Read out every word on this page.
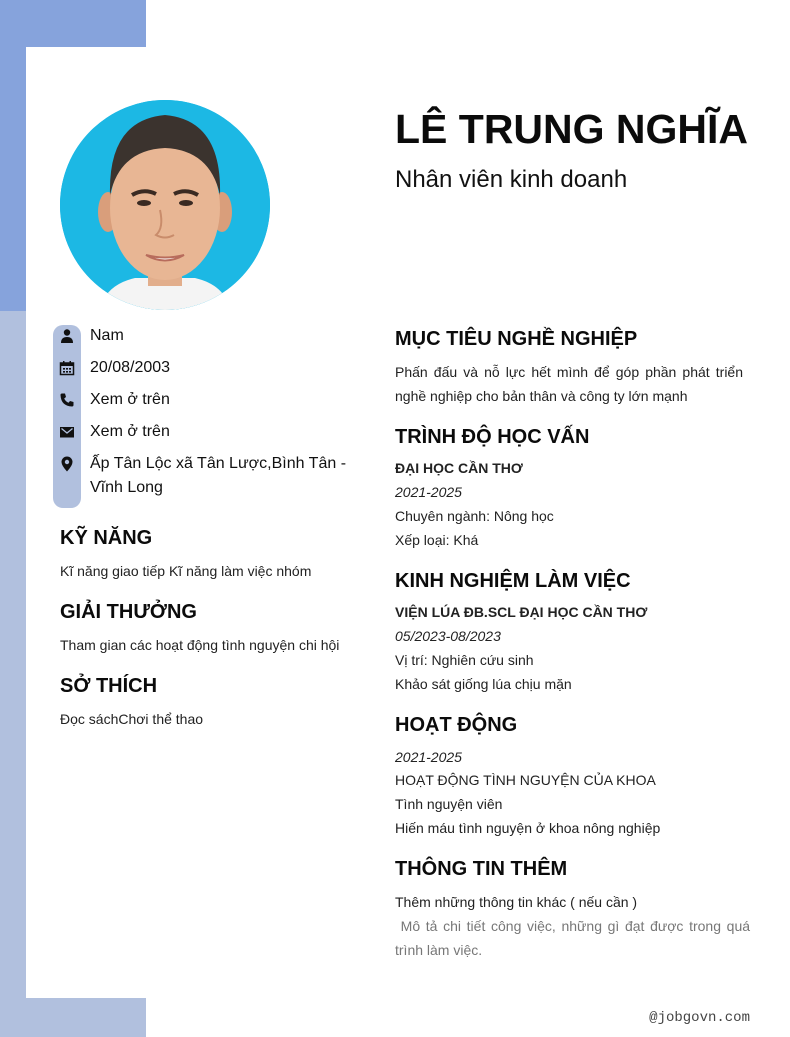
LÊ TRUNG NGHĨA
Nhân viên kinh doanh
Nam
20/08/2003
Xem ở trên
Xem ở trên
Ấp Tân Lộc xã Tân Lược,Bình Tân - Vĩnh Long
KỸ NĂNG
Kĩ năng giao tiếp Kĩ năng làm việc nhóm
GIẢI THƯỞNG
Tham gian các hoạt động tình nguyện chi hội
SỞ THÍCH
Đọc sáchChơi thể thao
MỤC TIÊU NGHỀ NGHIỆP
Phấn đấu và nỗ lực hết mình để góp phần phát triển nghề nghiệp cho bản thân và công ty lớn mạnh
TRÌNH ĐỘ HỌC VẤN
ĐẠI HỌC CẦN THƠ
2021-2025
Chuyên ngành: Nông học
Xếp loại: Khá
KINH NGHIỆM LÀM VIỆC
VIỆN LÚA ĐB.SCL ĐẠI HỌC CẦN THƠ
05/2023-08/2023
Vị trí: Nghiên cứu sinh
Khảo sát giống lúa chịu mặn
HOẠT ĐỘNG
2021-2025
HOẠT ĐỘNG TÌNH NGUYỆN CỦA KHOA
Tình nguyện viên
Hiến máu tình nguyện ở khoa nông nghiệp
THÔNG TIN THÊM
Thêm những thông tin khác ( nếu cần )
Mô tả chi tiết công việc, những gì đạt được trong quá trình làm việc.
@jobgovn.com
